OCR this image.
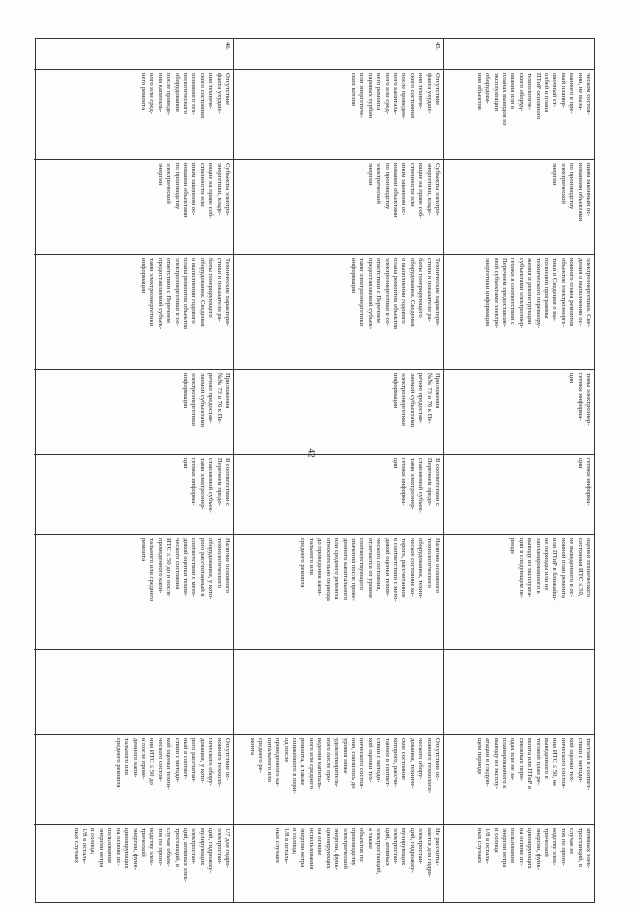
42
ческом состоя-
нии, не выза-
ванного в пре-
вый планир-
овочный ст-
олбей и плана
ПТиР основного
технологиче-
ского оборуд-
ования или в
планах выводов из
эксплуатации
оборудова-
ния объектов
ниям законным ос-
нованиям объектами
по производству
электрической
энергии
электроэнергетики. Све-
дения о выполнении ос-
новного плана ремонтов
объектов электроэнерге-
тики и Сведения о вы-
полнении программы
технического перевоору-
жения и реконструкции
субъектами электроэнер-
гетики в соответствии с
Перечнем предоставляе-
мой субъектами электро-
энергетики информации
темы электроэнер-
гетики информа-
ции
гетики информа-
ции
оценки технического
состояния ИТС ≤ 50,
не выведенного в ос-
новной план ремонта
или ПТиР в ближайш-
ие периоды или не
запланированного к
выводу из эксплуата-
ции в следующем пе-
риоде
тветлам в соответ-
ствии с методи-
кой оценки тех-
нического состоя-
ния ИТС ≤ 50, не
выведенного в
тоговой план ре-
монта или ПТиР в
смежных пери-
одах или не за-
планированного к
выводу из эксплу-
атации в следую-
щем периоде
атомных элек-
тростанций, в
случае ее
тов по произ-
водству элек-
трической
энергии, функ-
ционирующих
на основе ис-
пользования
энергии ветра
и солнца
1/8 в осталь-
ных случаях
45.
Отсутствие
факта ухудше-
ния техниче-
ского состояния
после проведен-
ного капиталь-
ного или сред-
него ремонта
паровых турбин
или энергетиче-
ских котлов
Субъекты электро-
энергетики, владе-
ющие на праве соб-
ственности или
ином законном ос-
новании объектами
по производству
электрической
энергии
Технические характери-
стики и показатели ра-
боты генерирующего
оборудования. Сведения
о выполнении годового
плана ремонтов объектов
электроэнергетики в со-
ответствии с Перечнем
предоставляемой субъек-
тами электроэнергетики
информации
Приложения
№№ 73 и 76 к Пе-
речню предостав-
ляемой субъектами
электроэнергетики
информации
В соответствии с
Перечнем предо-
ставляемой субъек-
тами электроэнер-
гетики информа-
ции
Наличие основного
технологического
оборудования, техни-
ческое состояние ко-
торого, рассчитанное
в соответствии с мето-
дикой оценки техни-
ческого состояния,
отличается от уровня
соответствующего
значения после прове-
денного капитального
или среднего ремонта
относительно периода
до проведения капи-
тального или
среднего ремонта
Отсутствие ос-
новного технологи-
ческого обору-
дования, техниче-
ское состояние
которого, рассчи-
танное в соответ-
ствии с методи-
кой оценки тех-
нического состоя-
ния, снизилось до
уровня ниже
удовлетворитель-
ного после про-
ведения капиталь-
ного или среднего
ремонта, а также
сниженного в пери-
од после
проведенного ка-
питального или
среднего ре-
монта
Не рассчиты-
вается для гидро-
электростан-
ций, гидроакку-
мулирующих
электростан-
ций, атомных
электростанций,
а также
объектов по
производству
электрической
энергии, функ-
ционирующих
на основе
использования
энергии ветра
и солнца;
1/8 в осталь-
ных случаях
46.
Отсутствие
факта ухудше-
ния техниче-
ского состояния
основного тех-
нологического
оборудования
после проведе-
ния капиталь-
ного или сред-
него ремонта
Субъекты электро-
энергетики, владе-
ющие на праве соб-
ственности или
ином законном ос-
новании объектами
по производству
электрической
энергии
Технические характери-
стики и показатели ра-
боты генерирующего
оборудования. Сведения
о выполнении годового
плана ремонтов объектов
электроэнергетики в со-
ответствии с Перечнем
предоставляемой субъек-
тами электроэнергетики
информации
Приложения
№№ 73 и 76 к Пе-
речню предостав-
ляемой субъектами
электроэнергетики
информации
В соответствии с
Перечнем предо-
ставляемой субъек-
тами электроэнер-
гетики информа-
ции
Наличие основного
технологического
оборудования, у кото-
рого рассчитанный в
соответствии с мето-
дикой оценки техни-
ческого состояния
ИТС ≤ 50 до и после
проведенного капи-
тального или среднего
ремонта
Отсутствие ос-
новного техноло-
гического обору-
дования, у кото-
рого рассчитан-
ный в соответ-
ствии с методи-
кой оценки техни-
ческого состоя-
ния ИТС ≤ 50 до
и после прове-
денного капи-
тального или
среднего ремонта
1/7 для гидро-
электростан-
ций, гидроакку-
мулирующих
электростан-
ций, атомных элек-
тростанций, в
случае объек-
тов по произ-
водству элек-
трической
энергии, функ-
ционирующих
на основе ис-
пользования
энергии ветра
и солнца;
1/8 в осталь-
ных случаях
